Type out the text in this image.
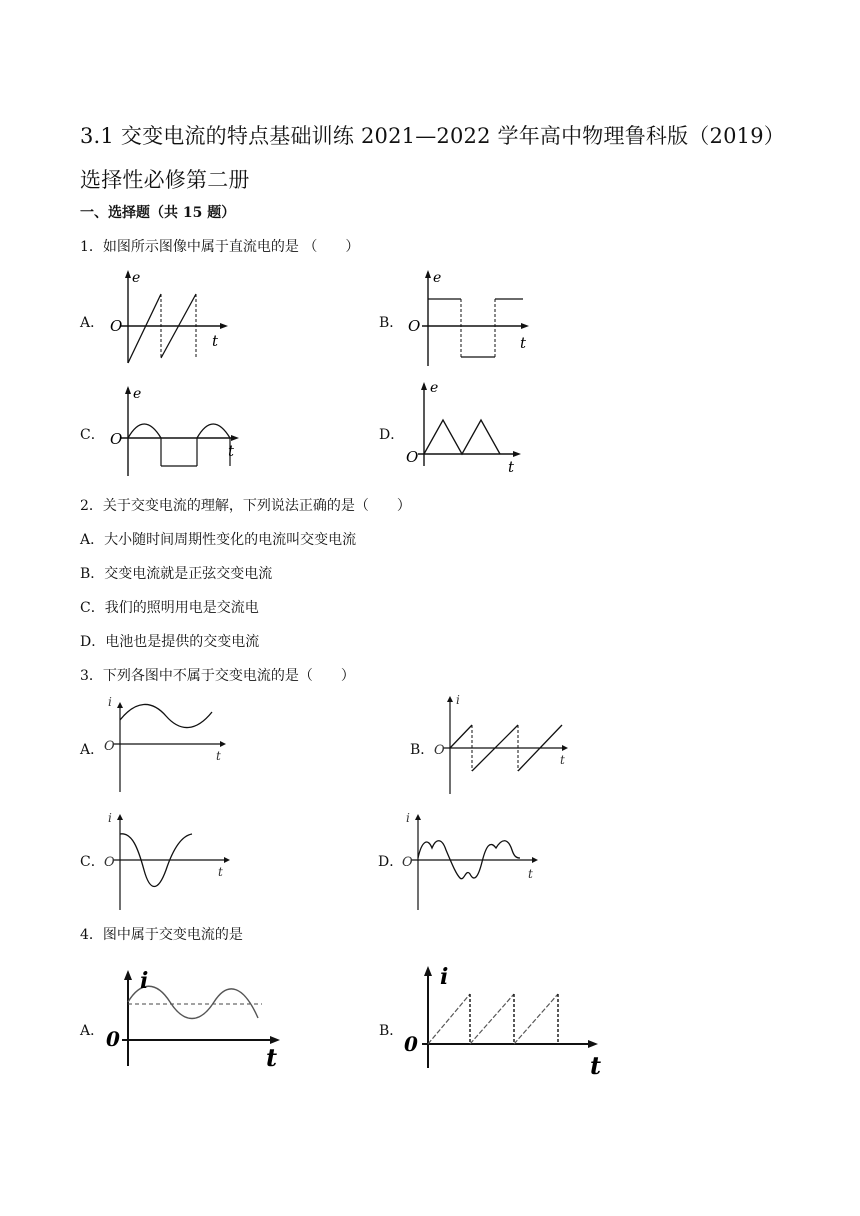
3.1 交变电流的特点基础训练 2021—2022 学年高中物理鲁科版（2019）选择性必修第二册
一、选择题（共 15 题）
1．如图所示图像中属于直流电的是 （　　）
A．
e
t
O	B．
e
t
O
C．
e
t
O	D．
e
t
O
2．关于交变电流的理解，下列说法正确的是（　　）
A．大小随时间周期性变化的电流叫交变电流
B．交变电流就是正弦交变电流
C．我们的照明用电是交流电
D．电池也是提供的交变电流
3．下列各图中不属于交变电流的是（　　）
A．
i
t
O	B．
i
t
O
C．
i
t
O	D．
i
t
O
4．图中属于交变电流的是
A．
i
t
0	B．
i
t
0
